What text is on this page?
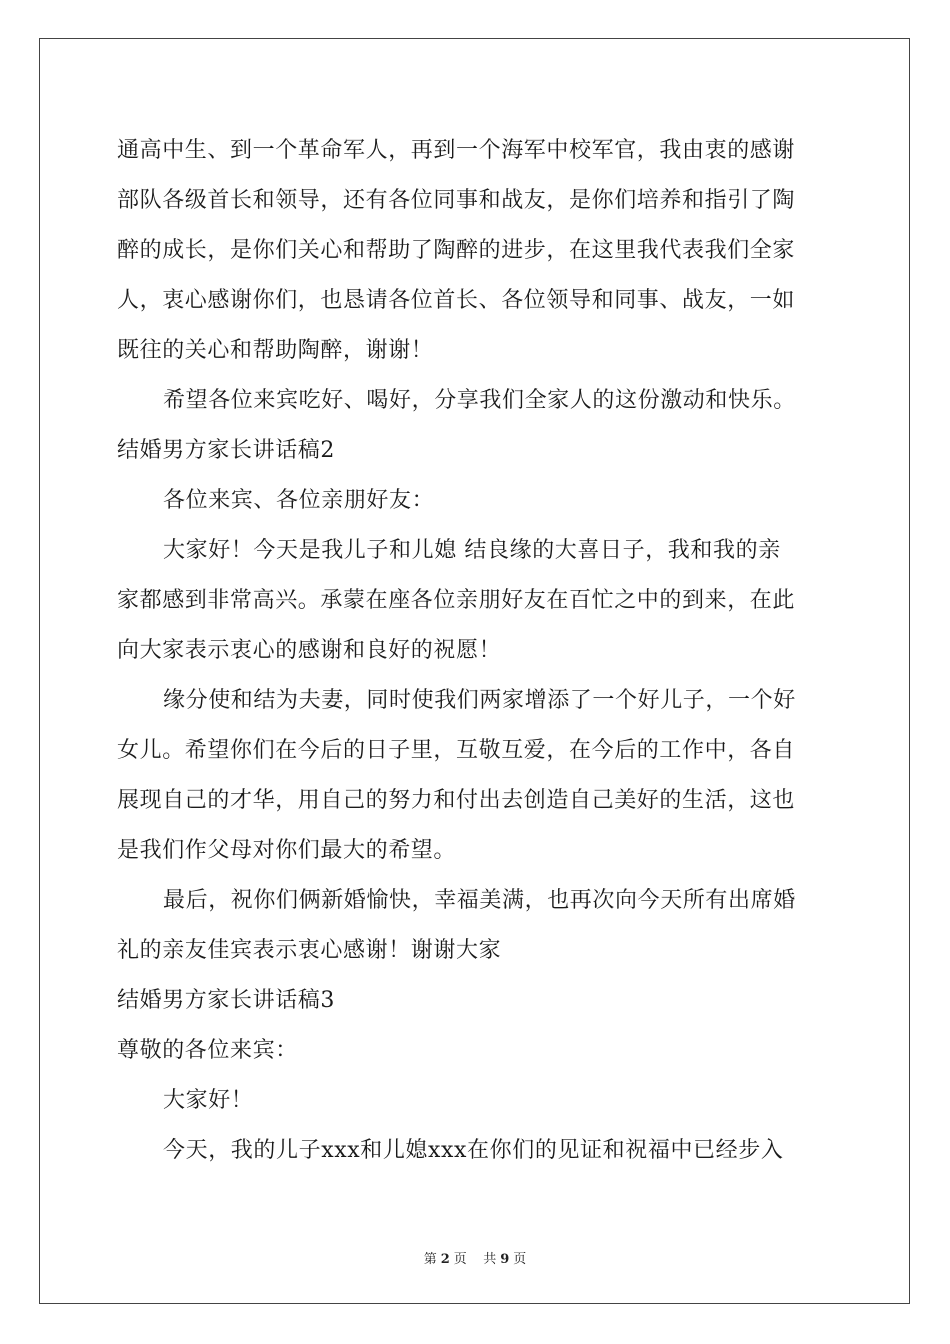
通高中生、到一个革命军人，再到一个海军中校军官，我由衷的感谢
部队各级首长和领导，还有各位同事和战友，是你们培养和指引了陶
醉的成长，是你们关心和帮助了陶醉的进步，在这里我代表我们全家
人，衷心感谢你们，也恳请各位首长、各位领导和同事、战友，一如
既往的关心和帮助陶醉，谢谢！
希望各位来宾吃好、喝好，分享我们全家人的这份激动和快乐。
结婚男方家长讲话稿2
各位来宾、各位亲朋好友：
大家好！今天是我儿子和儿媳 结良缘的大喜日子，我和我的亲
家都感到非常高兴。承蒙在座各位亲朋好友在百忙之中的到来，在此
向大家表示衷心的感谢和良好的祝愿！
缘分使和结为夫妻，同时使我们两家增添了一个好儿子，一个好
女儿。希望你们在今后的日子里，互敬互爱，在今后的工作中，各自
展现自己的才华，用自己的努力和付出去创造自己美好的生活，这也
是我们作父母对你们最大的希望。
最后，祝你们俩新婚愉快，幸福美满，也再次向今天所有出席婚
礼的亲友佳宾表示衷心感谢！谢谢大家
结婚男方家长讲话稿3
尊敬的各位来宾：
大家好！
今天，我的儿子xxx和儿媳xxx在你们的见证和祝福中已经步入
第 2 页 共 9 页
